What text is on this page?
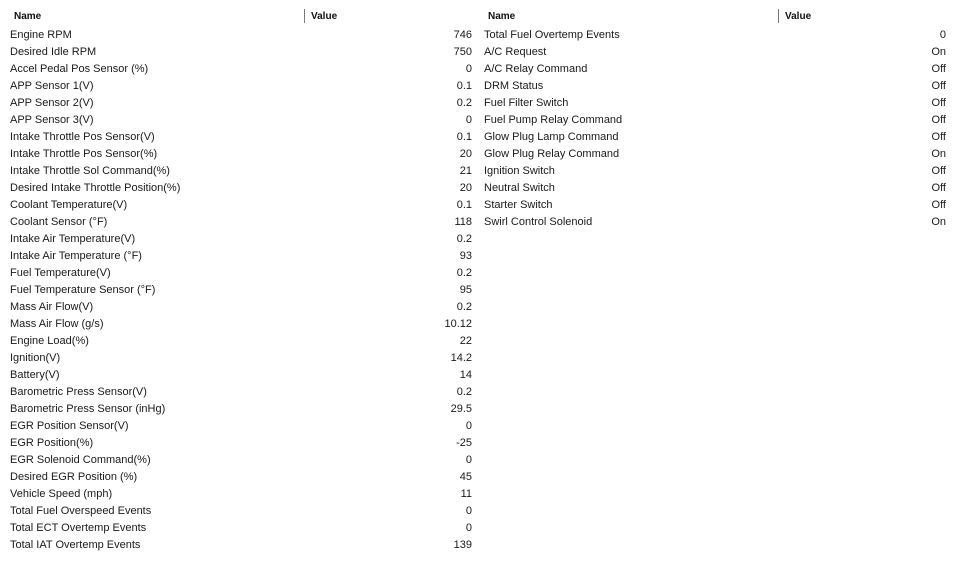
Name	Value
Engine RPM	746
Desired Idle RPM	750
Accel Pedal Pos Sensor (%)	0
APP Sensor 1(V)	0.1
APP Sensor 2(V)	0.2
APP Sensor 3(V)	0
Intake Throttle Pos Sensor(V)	0.1
Intake Throttle Pos Sensor(%)	20
Intake Throttle Sol Command(%)	21
Desired Intake Throttle Position(%)	20
Coolant Temperature(V)	0.1
Coolant Sensor (°F)	118
Intake Air Temperature(V)	0.2
Intake Air Temperature (°F)	93
Fuel Temperature(V)	0.2
Fuel Temperature Sensor (°F)	95
Mass Air Flow(V)	0.2
Mass Air Flow (g/s)	10.12
Engine Load(%)	22
Ignition(V)	14.2
Battery(V)	14
Barometric Press Sensor(V)	0.2
Barometric Press Sensor (inHg)	29.5
EGR Position Sensor(V)	0
EGR Position(%)	-25
EGR Solenoid Command(%)	0
Desired EGR Position (%)	45
Vehicle Speed (mph)	11
Total Fuel Overspeed Events	0
Total ECT Overtemp Events	0
Total IAT Overtemp Events	139
Name	Value
Total Fuel Overtemp Events	0
A/C Request	On
A/C Relay Command	Off
DRM Status	Off
Fuel Filter Switch	Off
Fuel Pump Relay Command	Off
Glow Plug Lamp Command	Off
Glow Plug Relay Command	On
Ignition Switch	Off
Neutral Switch	Off
Starter Switch	Off
Swirl Control Solenoid	On
